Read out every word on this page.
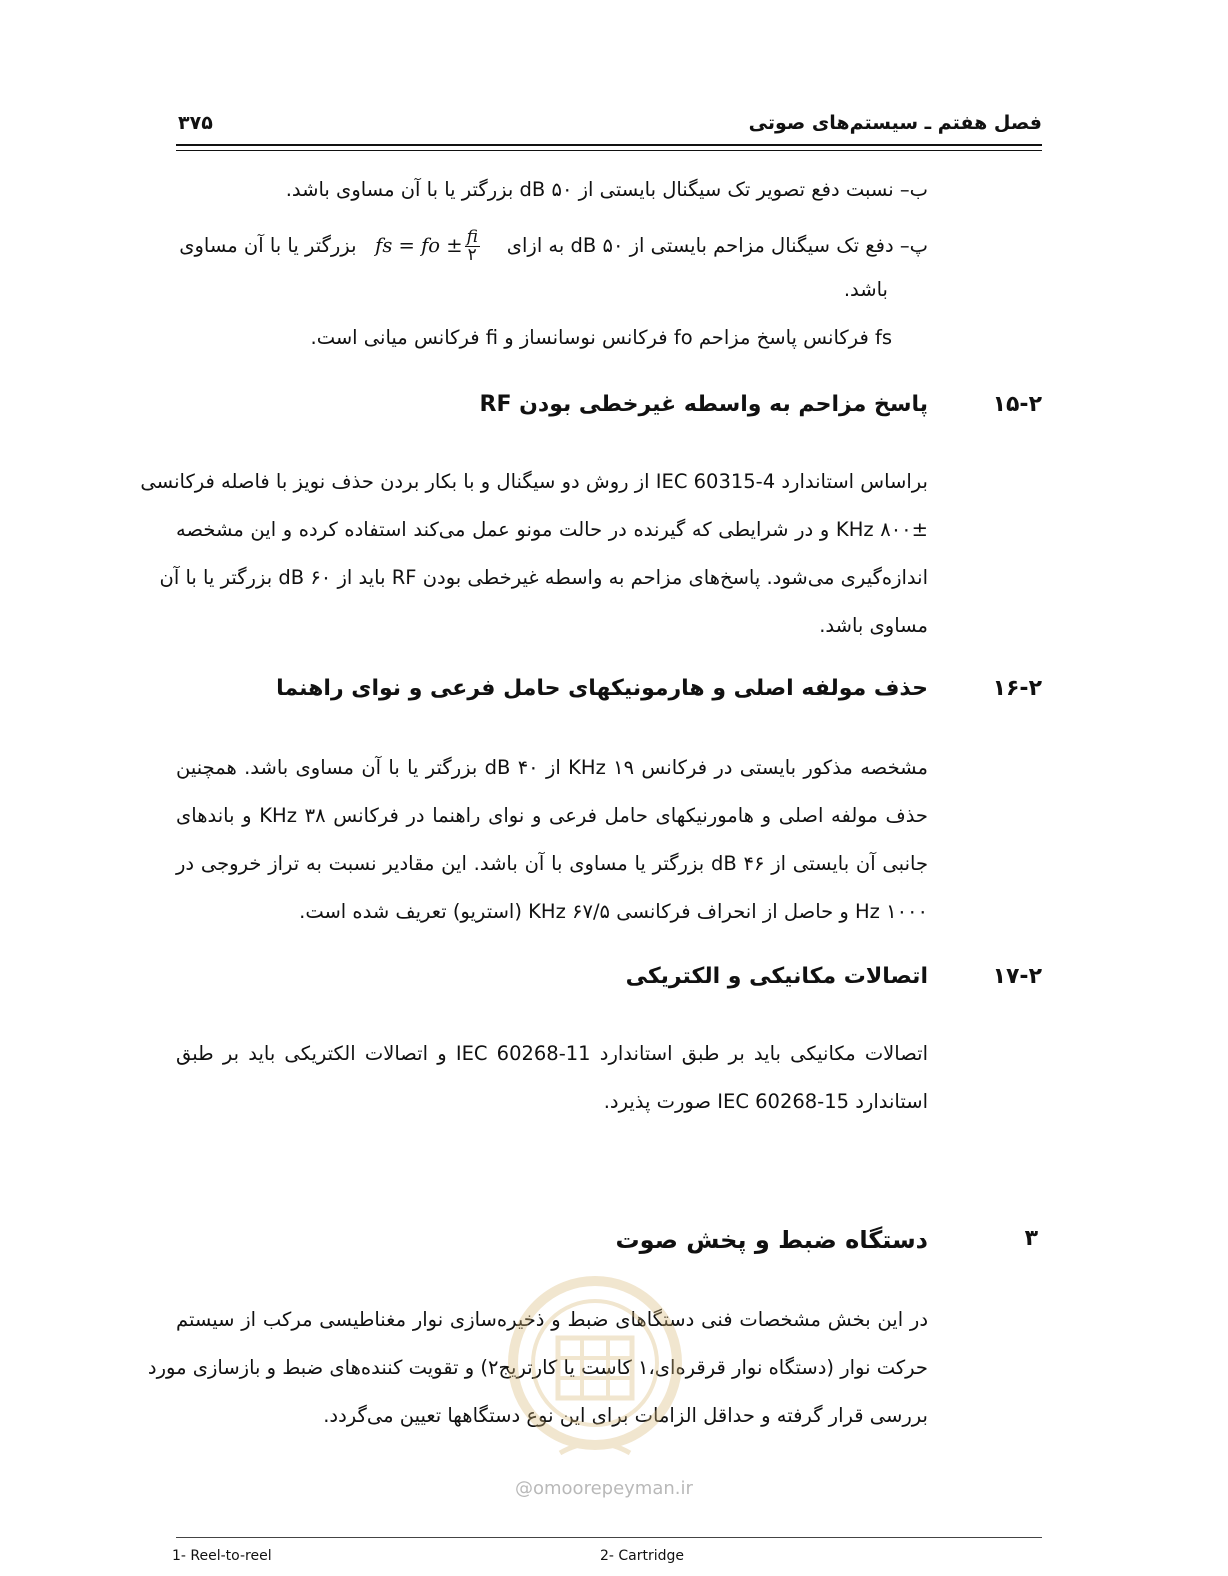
فصل هفتم ـ سیستم‌های صوتی
۳۷۵
ب– نسبت دفع تصویر تک سیگنال بایستی از dB ۵۰ بزرگتر یا با آن مساوی باشد.
پ– دفع تک سیگنال مزاحم بایستی از dB ۵۰ به ازای    fs = fo ± $\frac{fi}{۲}$
بزرگتر یا با آن مساوی
باشد.
fs فرکانس پاسخ مزاحم fo فرکانس نوسانساز و fi فرکانس میانی است.
۱۵-۲
پاسخ مزاحم به واسطه غیرخطی بودن RF
براساس استاندارد IEC 60315-4 از روش دو سیگنال و با بکار بردن حذف نویز با فاصله فرکانسی
KHz ۸۰۰± و در شرایطی که گیرنده در حالت مونو عمل می‌کند استفاده کرده و این مشخصه
اندازه‌گیری می‌شود. پاسخ‌های مزاحم به واسطه غیرخطی بودن RF باید از dB ۶۰ بزرگتر یا با آن
مساوی باشد.
۱۶-۲
حذف مولفه اصلی و هارمونیکهای حامل فرعی و نوای راهنما
مشخصه مذکور بایستی در فرکانس KHz ۱۹ از dB ۴۰ بزرگتر یا با آن مساوی باشد. همچنین
حذف مولفه اصلی و هامورنیکهای حامل فرعی و نوای راهنما در فرکانس KHz ۳۸ و باندهای
جانبی آن بایستی از dB ۴۶ بزرگتر یا مساوی با آن باشد. این مقادیر نسبت به تراز خروجی در
Hz ۱۰۰۰ و حاصل از انحراف فرکانسی KHz ۶۷/۵ (استریو) تعریف شده است.
۱۷-۲
اتصالات مکانیکی و الکتریکی
اتصالات مکانیکی باید بر طبق استاندارد IEC 60268-11 و اتصالات الکتریکی باید بر طبق
استاندارد IEC 60268-15 صورت پذیرد.
۳
دستگاه ضبط و پخش صوت
در این بخش مشخصات فنی دستگاهای ضبط و ذخیره‌سازی نوار مغناطیسی مرکب از سیستم
حرکت نوار (دستگاه نوار قرقره‌ای،۱ کاست یا کارتریج۲) و تقویت کننده‌های ضبط و بازسازی مورد
بررسی قرار گرفته و حداقل الزامات برای این نوع دستگاهها تعیین می‌گردد.
@omoorepeyman.ir
1- Reel-to-reel	2- Cartridge
